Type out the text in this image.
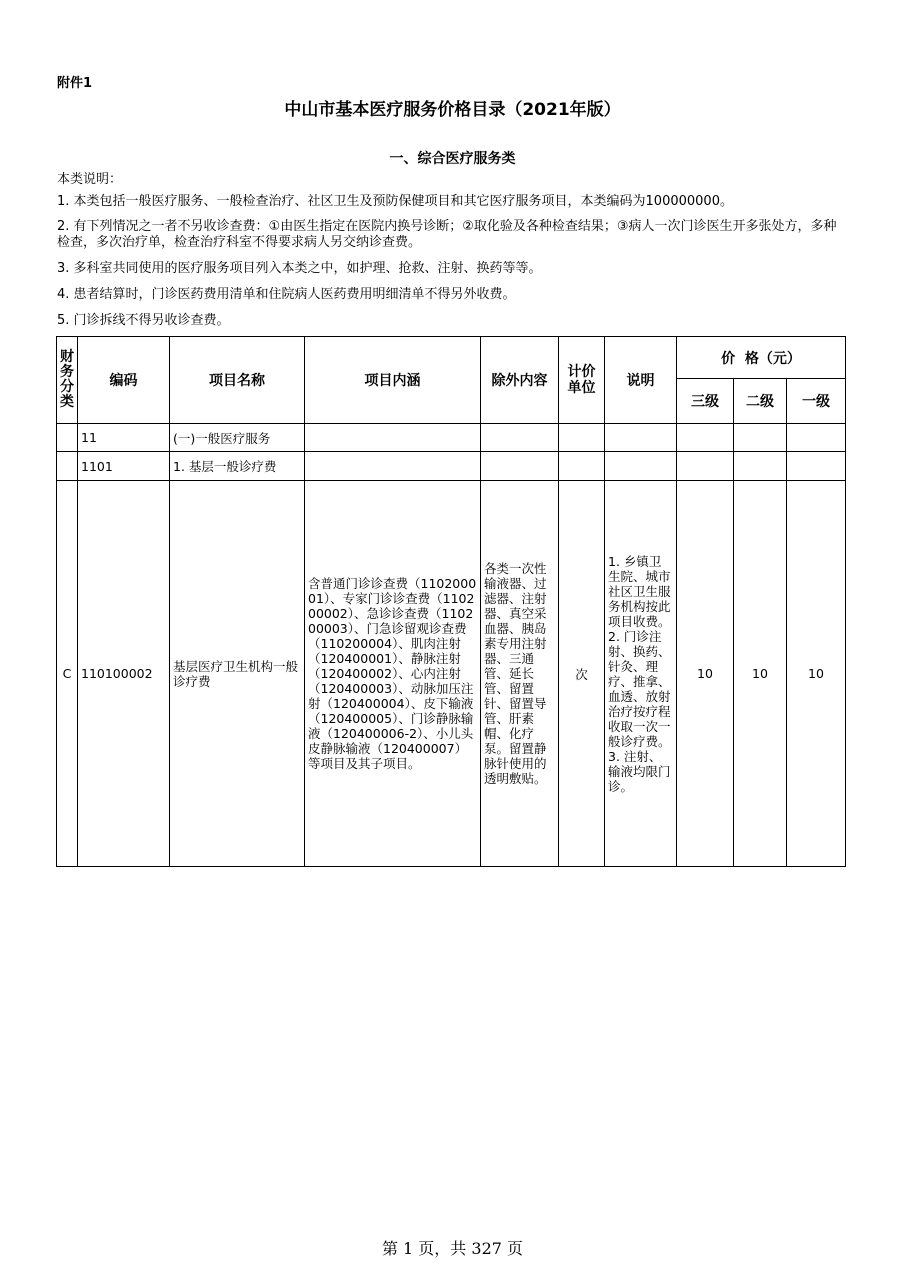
附件1
中山市基本医疗服务价格目录（2021年版）
一、综合医疗服务类

本类说明：

1. 本类包括一般医疗服务、一般检查治疗、社区卫生及预防保健项目和其它医疗服务项目，本类编码为100000000。

2. 有下列情况之一者不另收诊查费：①由医生指定在医院内换号诊断；②取化验及各种检查结果；③病人一次门诊医生开多张处方，多种检查，多次治疗单，检查治疗科室不得要求病人另交纳诊查费。

3. 多科室共同使用的医疗服务项目列入本类之中，如护理、抢救、注射、换药等等。

4. 患者结算时，门诊医药费用清单和住院病人医药费用明细清单不得另外收费。

5. 门诊拆线不得另收诊查费。

财务分类	编码	项目名称	项目内涵	除外内容	计价单位	说明	价  格（元）		
							三级	二级	一级
	11	(一)一般医疗服务							
	1101	1. 基层一般诊疗费							
C	110100002	基层医疗卫生机构一般诊疗费	含普通门诊诊查费（110200001）、专家门诊诊查费（110200002）、急诊诊查费（110200003）、门急诊留观诊查费（110200004）、肌肉注射（120400001）、静脉注射（120400002）、心内注射（120400003）、动脉加压注射（120400004）、皮下输液（120400005）、门诊静脉输液（120400006-2）、小儿头皮静脉输液（120400007）等项目及其子项目。	各类一次性输液器、过滤器、注射器、真空采血器、胰岛素专用注射器、三通管、延长管、留置针、留置导管、肝素帽、化疗泵。留置静脉针使用的透明敷贴。	次	1. 乡镇卫生院、城市社区卫生服务机构按此项目收费。2. 门诊注射、换药、针灸、理疗、推拿、血透、放射治疗按疗程收取一次一般诊疗费。3. 注射、输液均限门诊。	10	10	10
第 1 页，共 327 页
